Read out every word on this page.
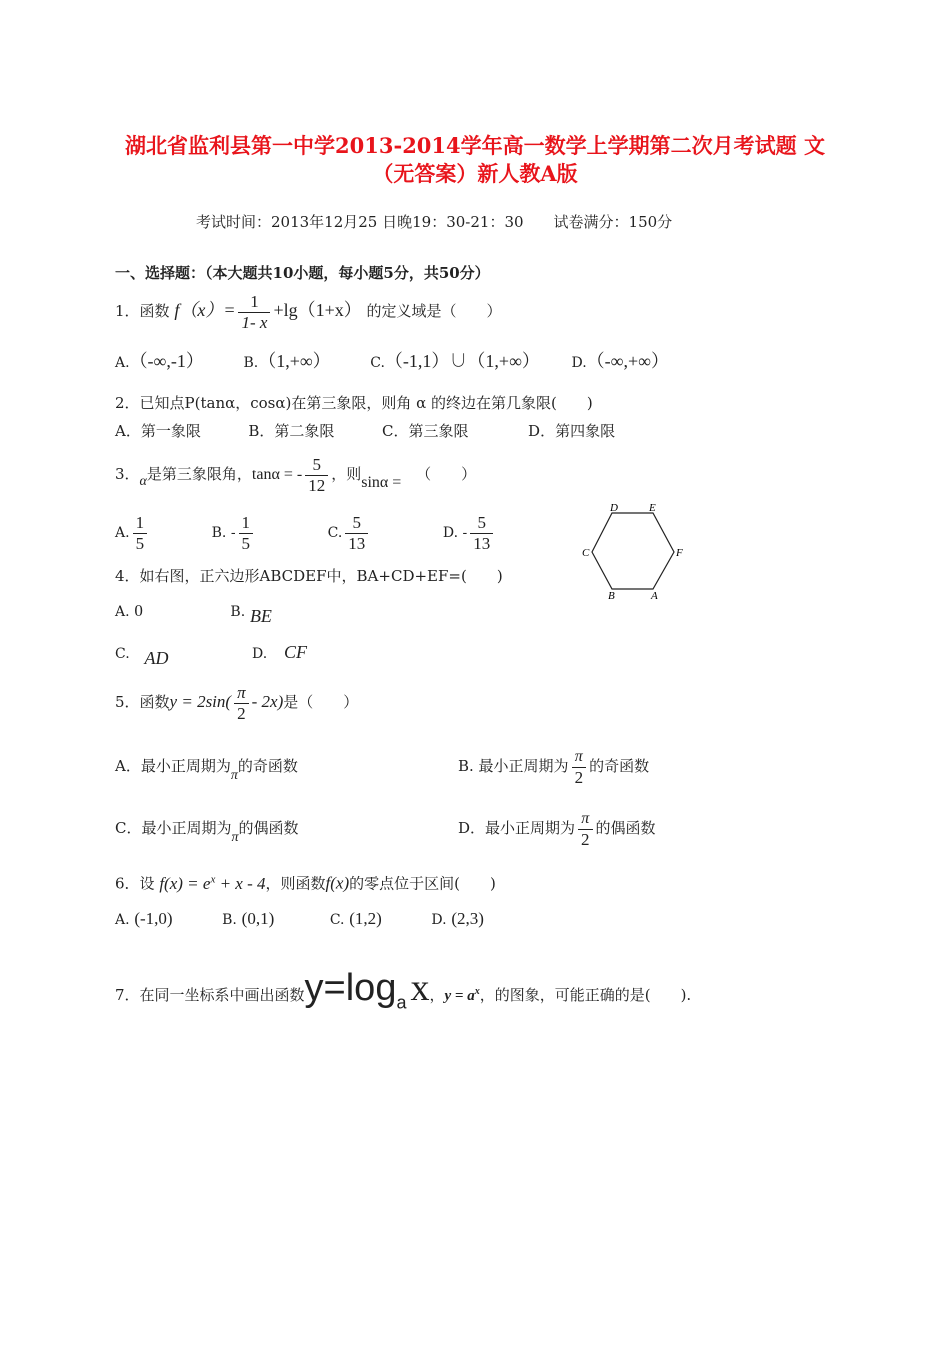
湖北省监利县第一中学2013-2014学年高一数学上学期第二次月考试题 文
（无答案）新人教A版
考试时间：2013年12月25 日晚19：30-21：30　　试卷满分：150分
一、选择题：（本大题共10小题，每小题5分，共50分）
1．函数 $f(x)= \frac{1}{1- x} +\lg(1+x)$ 的定义域是（　　）
A.（-∞,-1）	B.（1,+∞）	C.（-1,1）∪（1,+∞） D.（-∞,+∞）
2．已知点P(tanα，cosα)在第三象限，则角 α 的终边在第几象限(　　)
A．第一象限	B．第二象限	C．第三象限	D．第四象限
3．α是第三象限角，tanα = - $\frac{5}{12}$ ，则sinα = （　　）
A. $\frac{1}{5}$	B. - $\frac{1}{5}$	C. $\frac{5}{13}$	D. - $\frac{5}{13}$
D	E
C	F
B	A
4．如右图，正六边形ABCDEF中，BA+CD+EF=(　　)
A. 0	B. BE
C. AD	D. CF
5．函数$y = 2\sin( \frac{\pi}{2} - 2x)$是（　　）
A．最小正周期为π的奇函数	B. 最小正周期为 $\frac{\pi}{2}$ 的奇函数
C．最小正周期为π的偶函数	D．最小正周期为 $\frac{\pi}{2}$ 的偶函数
6．设 $f(x) = e^x + x - 4$，则函数f(x)的零点位于区间(　　)
A. (-1,0)	B. (0,1)	C. (1,2)	D. (2,3)
7．在同一坐标系中画出函数$y=\log_a$ x，$y = a^x$，的图象，可能正确的是(　　).
